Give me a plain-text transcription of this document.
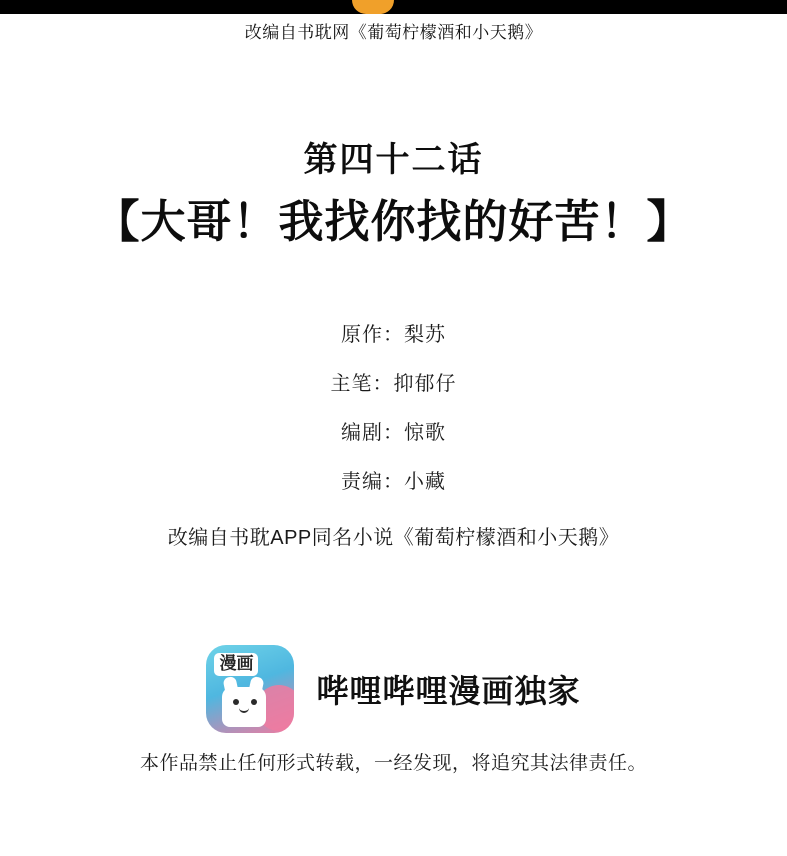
改编自书耽网《葡萄柠檬酒和小天鹅》
第四十二话
【大哥！我找你找的好苦！】
原作：梨苏
主笔：抑郁仔
编剧：惊歌
责编：小藏
改编自书耽APP同名小说《葡萄柠檬酒和小天鹅》
漫画
哔哩哔哩漫画独家
本作品禁止任何形式转载，一经发现，将追究其法律责任。
